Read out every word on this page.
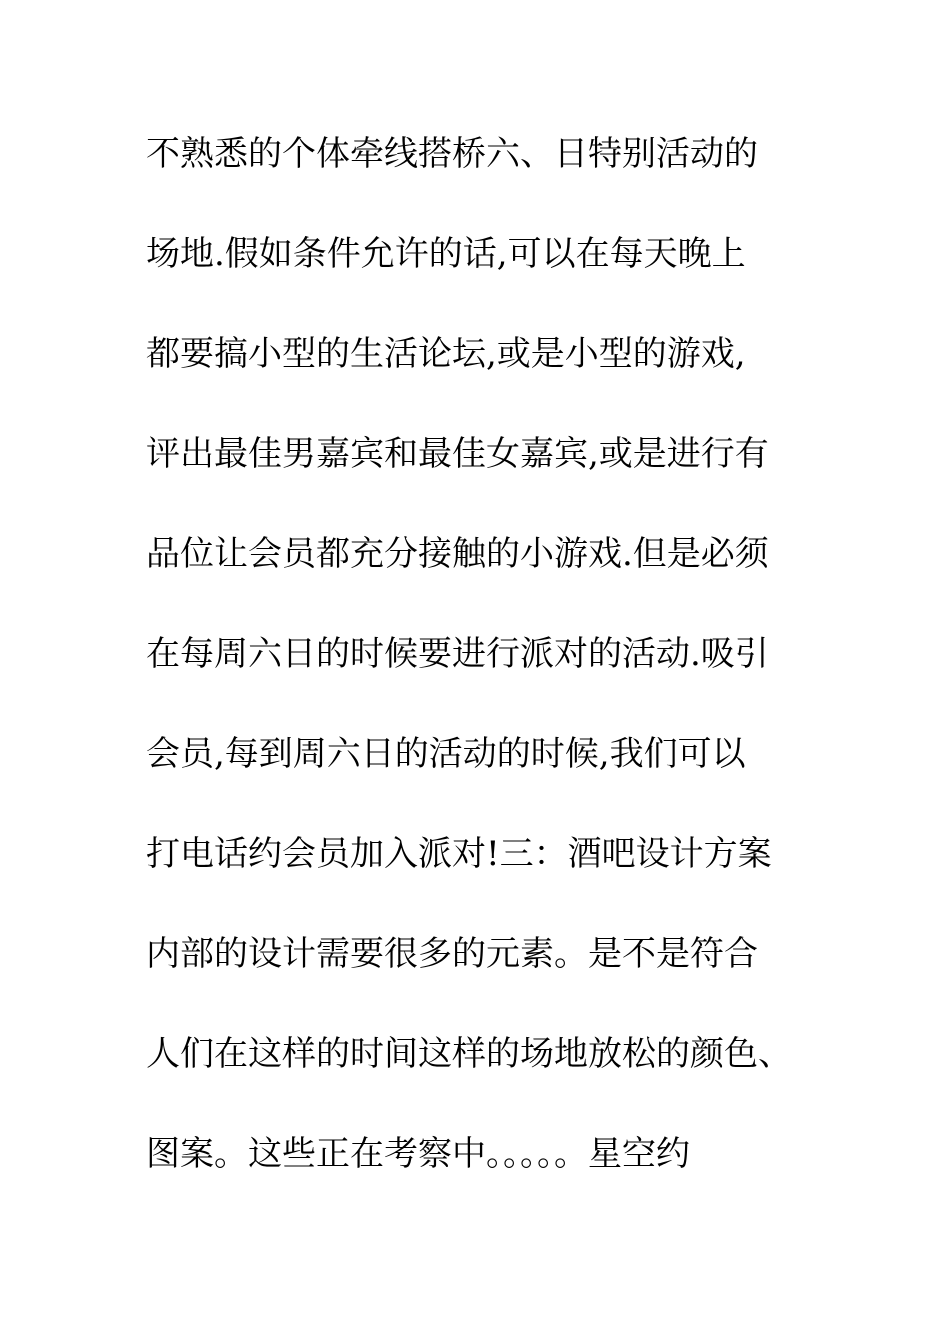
不熟悉的个体牵线搭桥六、日特别活动的
场地.假如条件允许的话,可以在每天晚上
都要搞小型的生活论坛,或是小型的游戏,
评出最佳男嘉宾和最佳女嘉宾,或是进行有
品位让会员都充分接触的小游戏.但是必须
在每周六日的时候要进行派对的活动.吸引
会员,每到周六日的活动的时候,我们可以
打电话约会员加入派对!三：酒吧设计方案
内部的设计需要很多的元素。是不是符合
人们在这样的时间这样的场地放松的颜色、
图案。这些正在考察中。。。。。星空约
